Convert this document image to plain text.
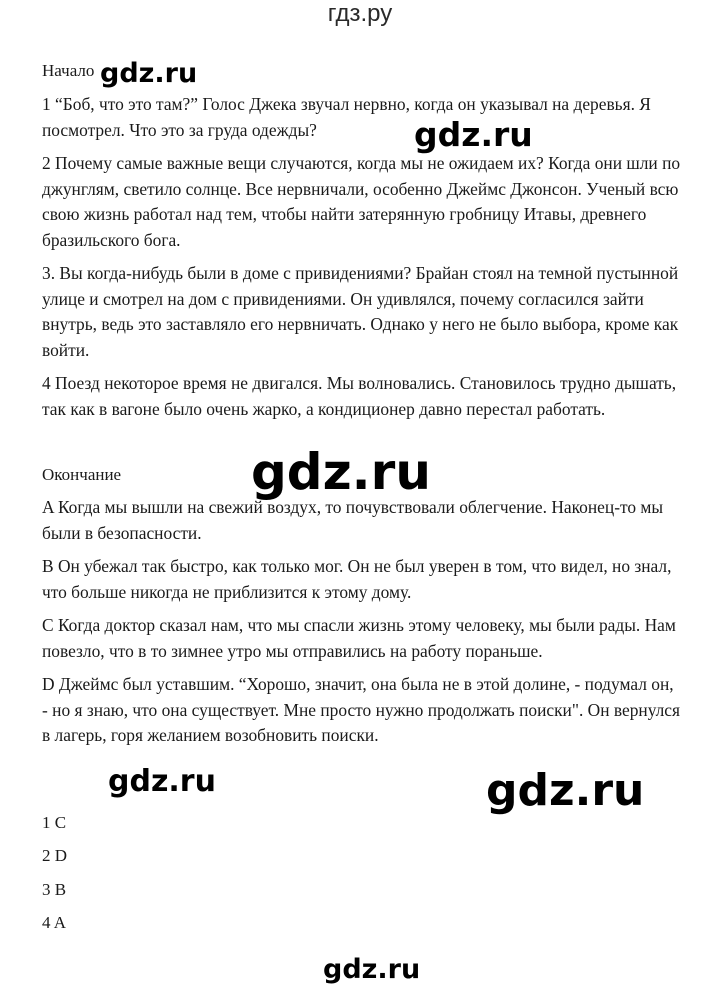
гдз.ру

Начало

1 “Боб, что это там?” Голос Джека звучал нервно, когда он указывал на деревья. Я посмотрел. Что это за груда одежды?

2 Почему самые важные вещи случаются, когда мы не ожидаем их? Когда они шли по джунглям, светило солнце. Все нервничали, особенно Джеймс Джонсон. Ученый всю свою жизнь работал над тем, чтобы найти затерянную гробницу Итавы, древнего бразильского бога.

3. Вы когда-нибудь были в доме с привидениями? Брайан стоял на темной пустынной улице и смотрел на дом с привидениями. Он удивлялся, почему согласился зайти внутрь, ведь это заставляло его нервничать. Однако у него не было выбора, кроме как войти.

4 Поезд некоторое время не двигался. Мы волновались. Становилось трудно дышать, так как в вагоне было очень жарко, а кондиционер давно перестал работать.

Окончание

A Когда мы вышли на свежий воздух, то почувствовали облегчение. Наконец-то мы были в безопасности.

B Он убежал так быстро, как только мог. Он не был уверен в том, что видел, но знал, что больше никогда не приблизится к этому дому.

C Когда доктор сказал нам, что мы спасли жизнь этому человеку, мы были рады. Нам повезло, что в то зимнее утро мы отправились на работу пораньше.

D Джеймс был уставшим. “Хорошо, значит, она была не в этой долине, - подумал он, - но я знаю, что она существует. Мне просто нужно продолжать поиски". Он вернулся в лагерь, горя желанием возобновить поиски.

1 C

2 D

3 B

4 A

gdz.ru
gdz.ru
gdz.ru
gdz.ru	gdz.ru
gdz.ru
